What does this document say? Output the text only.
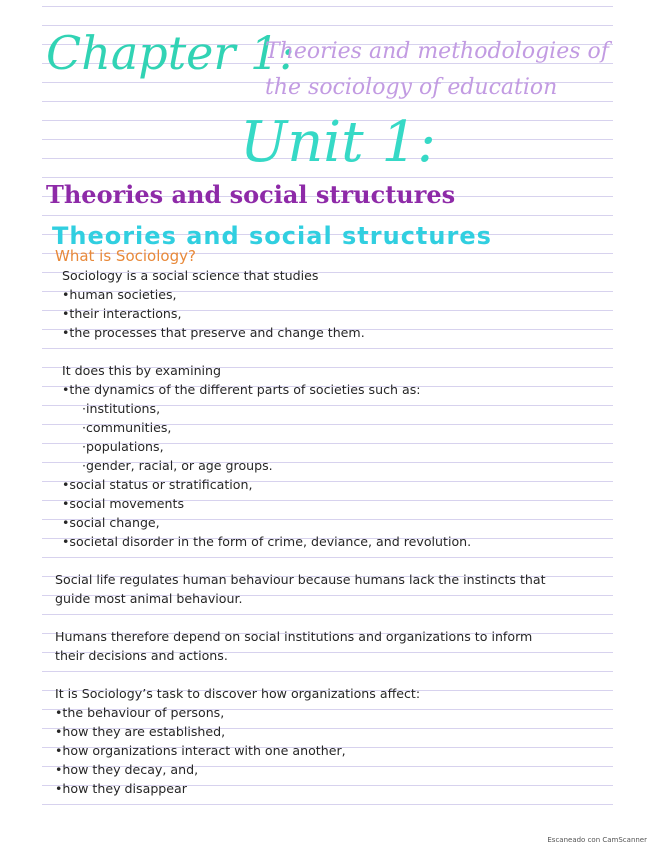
Chapter 1:
Theories and methodologies of the sociology of education
Unit 1:
Theories and social structures
Theories and social structures
What is Sociology?
Sociology is a social science that studies
•human societies,
•their interactions,
•the processes that preserve and change them.
It does this by examining
•the dynamics of the different parts of societies such as:
·institutions,
·communities,
·populations,
·gender, racial, or age groups.
•social status or stratification,
•social movements
•social change,
•societal disorder in the form of crime, deviance, and revolution.
Social life regulates human behaviour because humans lack the instincts that
guide most animal behaviour.
Humans therefore depend on social institutions and organizations to inform
their decisions and actions.
It is Sociology’s task to discover how organizations affect:
•the behaviour of persons,
•how they are established,
•how organizations interact with one another,
•how they decay, and,
•how they disappear
Escaneado con CamScanner
